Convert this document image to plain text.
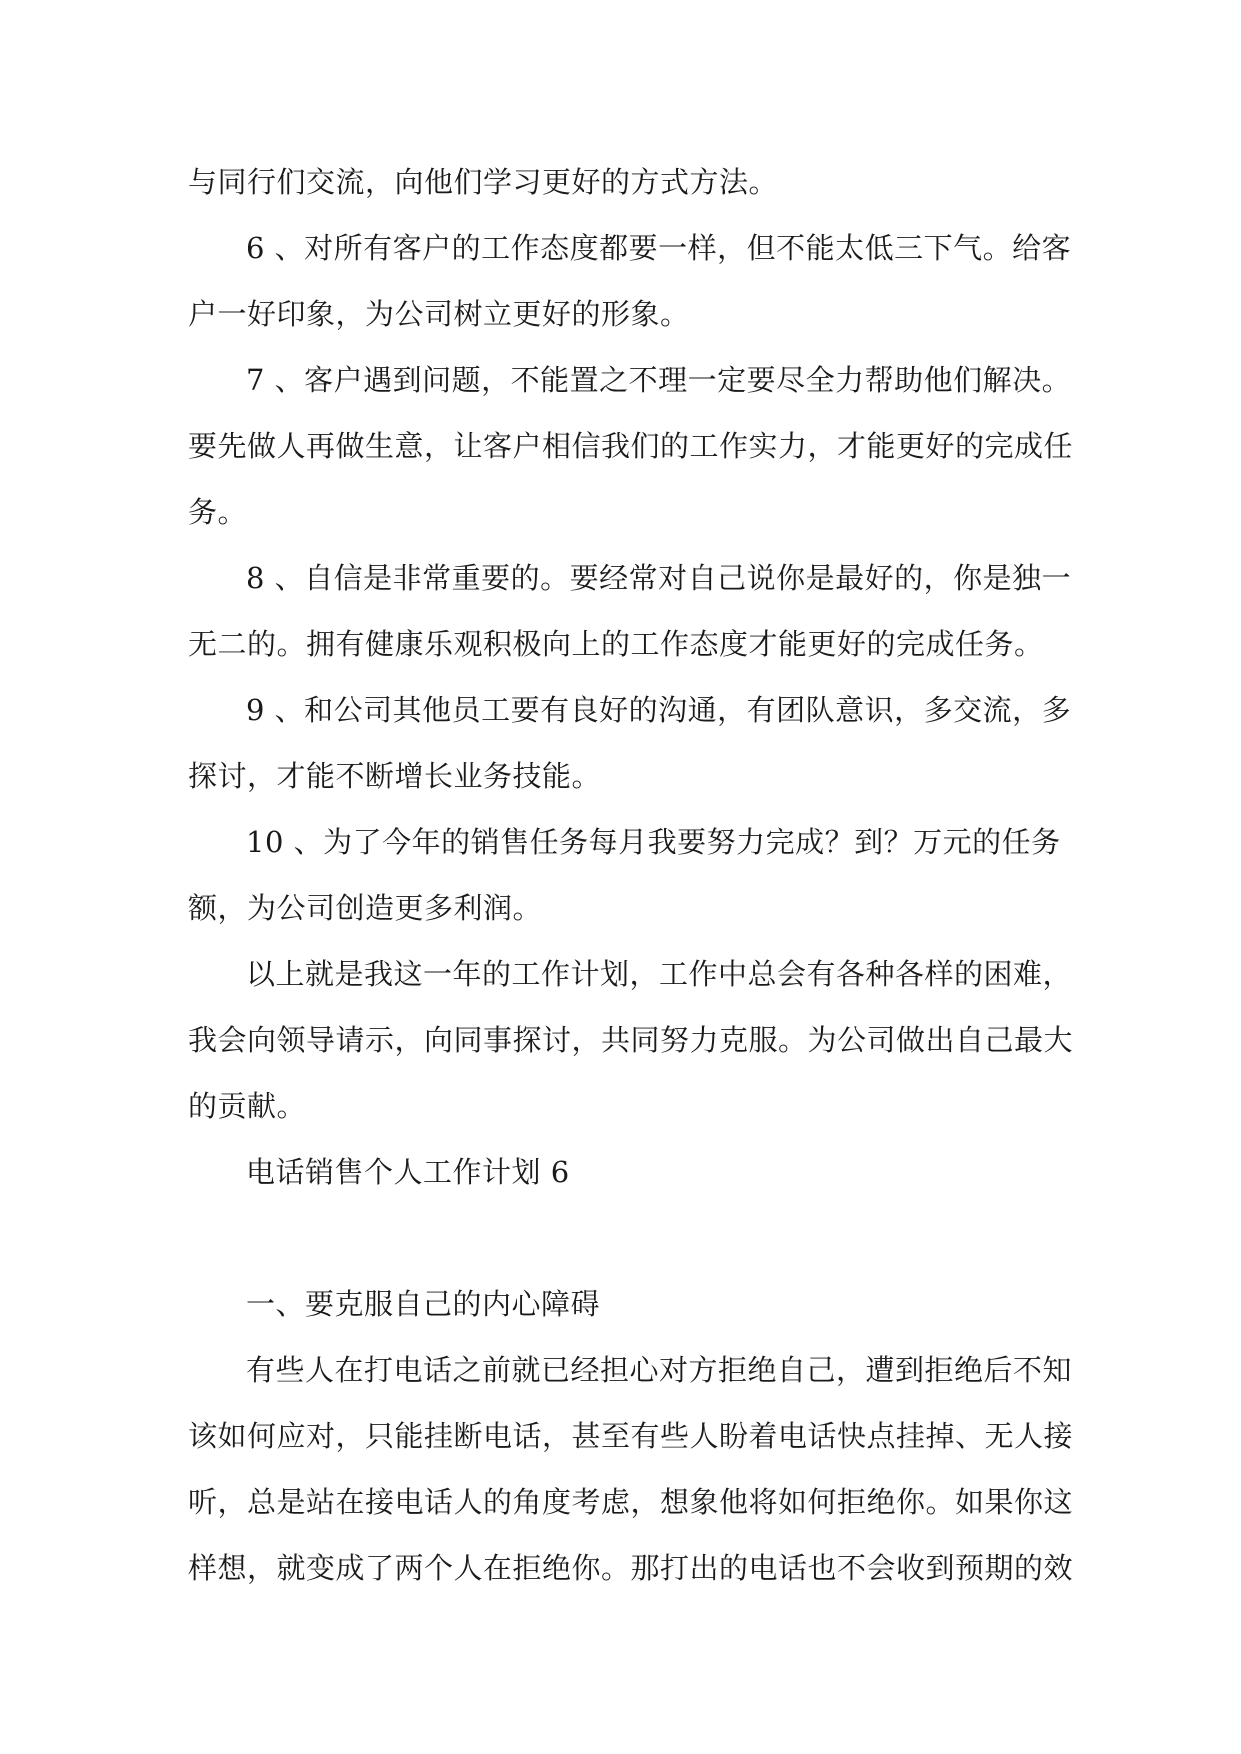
与同行们交流，向他们学习更好的方式方法。
6 、对所有客户的工作态度都要一样，但不能太低三下气。给客
户一好印象，为公司树立更好的形象。
7 、客户遇到问题，不能置之不理一定要尽全力帮助他们解决。
要先做人再做生意，让客户相信我们的工作实力，才能更好的完成任
务。
8 、自信是非常重要的。要经常对自己说你是最好的，你是独一
无二的。拥有健康乐观积极向上的工作态度才能更好的完成任务。
9 、和公司其他员工要有良好的沟通，有团队意识，多交流，多
探讨，才能不断增长业务技能。
10 、为了今年的销售任务每月我要努力完成？到？万元的任务
额，为公司创造更多利润。
以上就是我这一年的工作计划，工作中总会有各种各样的困难，
我会向领导请示，向同事探讨，共同努力克服。为公司做出自己最大
的贡献。
电话销售个人工作计划 6
一、要克服自己的内心障碍
有些人在打电话之前就已经担心对方拒绝自己，遭到拒绝后不知
该如何应对，只能挂断电话，甚至有些人盼着电话快点挂掉、无人接
听，总是站在接电话人的角度考虑，想象他将如何拒绝你。如果你这
样想，就变成了两个人在拒绝你。那打出的电话也不会收到预期的效
